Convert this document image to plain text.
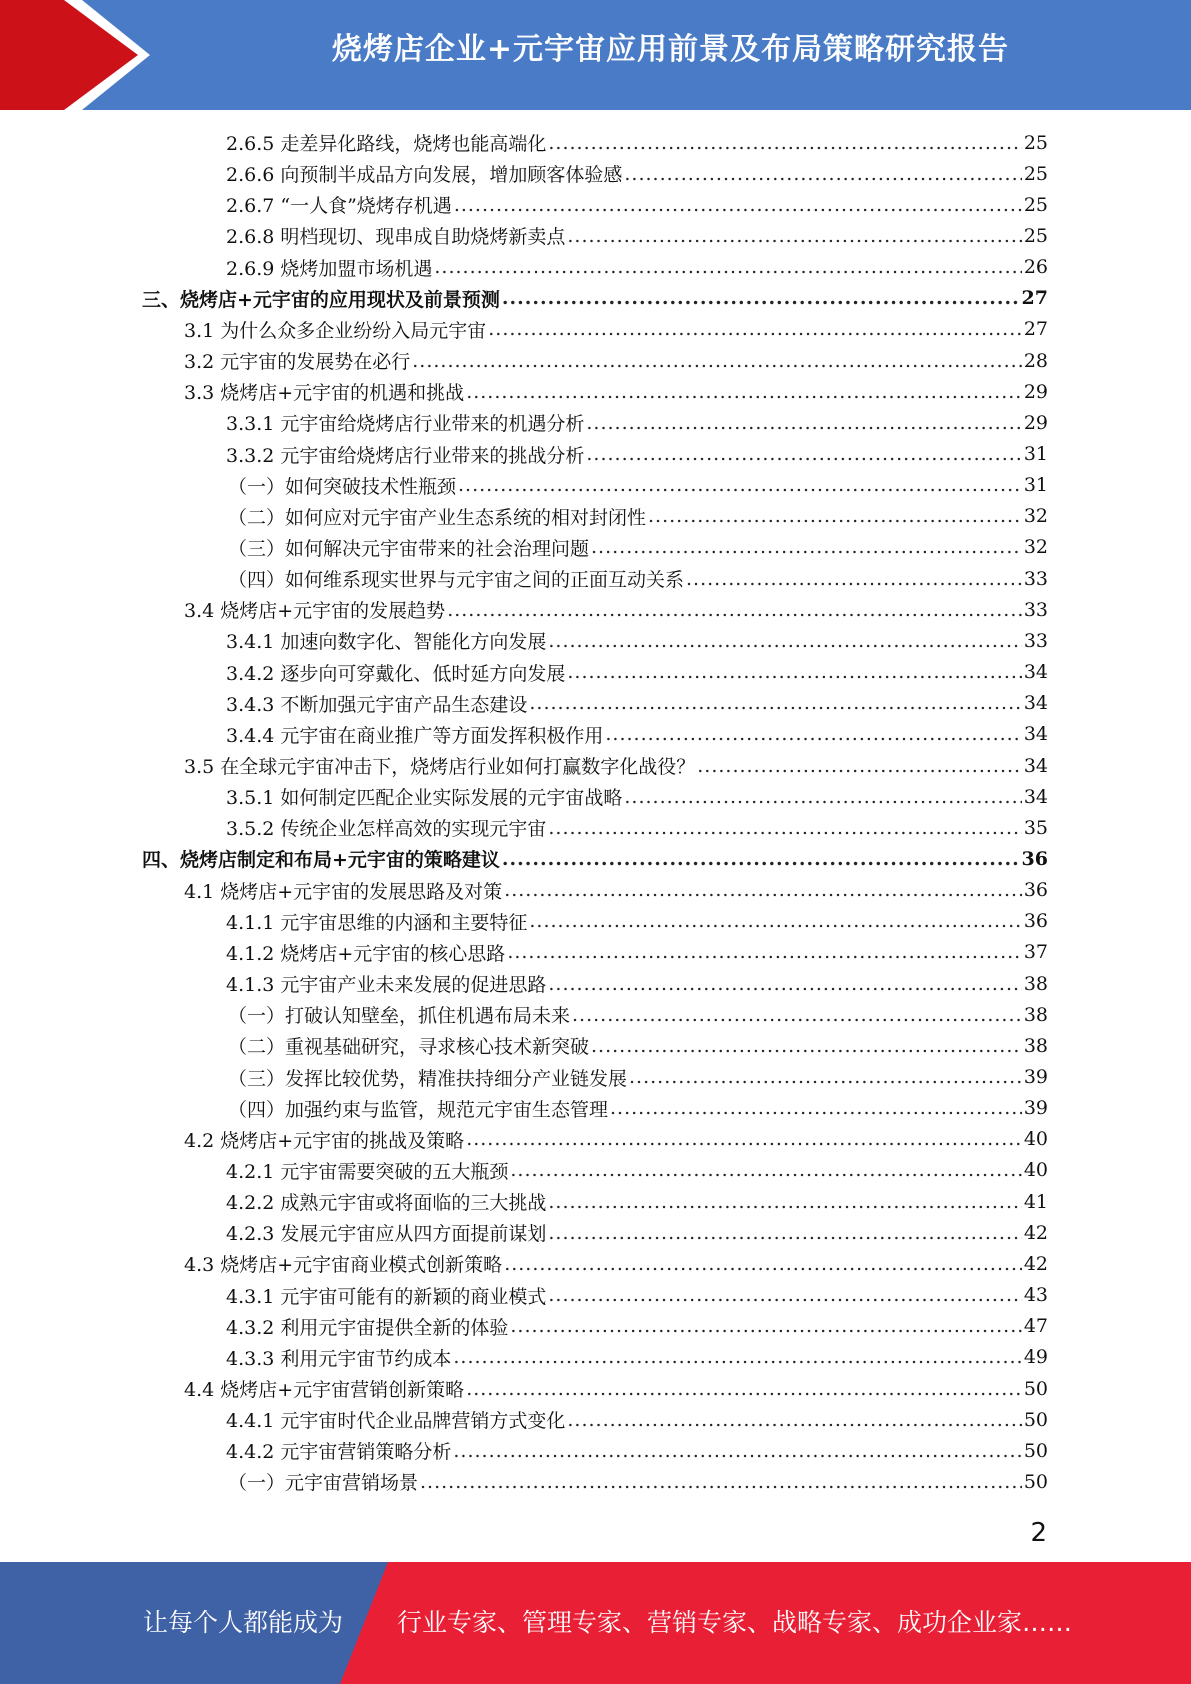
烧烤店企业+元宇宙应用前景及布局策略研究报告
2.6.5 走差异化路线，烧烤也能高端化 .....	25
2.6.6 向预制半成品方向发展，增加顾客体验感 .....	25
2.6.7 “一人食”烧烤存机遇 .....	25
2.6.8 明档现切、现串成自助烧烤新卖点 .....	25
2.6.9 烧烤加盟市场机遇 .....	26
三、烧烤店+元宇宙的应用现状及前景预测 .....	27
3.1 为什么众多企业纷纷入局元宇宙 .....	27
3.2 元宇宙的发展势在必行 .....	28
3.3 烧烤店+元宇宙的机遇和挑战 .....	29
3.3.1 元宇宙给烧烤店行业带来的机遇分析 .....	29
3.3.2 元宇宙给烧烤店行业带来的挑战分析 .....	31
（一）如何突破技术性瓶颈 .....	31
（二）如何应对元宇宙产业生态系统的相对封闭性 .....	32
（三）如何解决元宇宙带来的社会治理问题 .....	32
（四）如何维系现实世界与元宇宙之间的正面互动关系 .....	33
3.4 烧烤店+元宇宙的发展趋势 .....	33
3.4.1 加速向数字化、智能化方向发展 .....	33
3.4.2 逐步向可穿戴化、低时延方向发展 .....	34
3.4.3 不断加强元宇宙产品生态建设 .....	34
3.4.4 元宇宙在商业推广等方面发挥积极作用 .....	34
3.5 在全球元宇宙冲击下，烧烤店行业如何打赢数字化战役？ .....	34
3.5.1 如何制定匹配企业实际发展的元宇宙战略 .....	34
3.5.2 传统企业怎样高效的实现元宇宙 .....	35
四、烧烤店制定和布局+元宇宙的策略建议 .....	36
4.1 烧烤店+元宇宙的发展思路及对策 .....	36
4.1.1 元宇宙思维的内涵和主要特征 .....	36
4.1.2 烧烤店+元宇宙的核心思路 .....	37
4.1.3 元宇宙产业未来发展的促进思路 .....	38
（一）打破认知壁垒，抓住机遇布局未来 .....	38
（二）重视基础研究，寻求核心技术新突破 .....	38
（三）发挥比较优势，精准扶持细分产业链发展 .....	39
（四）加强约束与监管，规范元宇宙生态管理 .....	39
4.2 烧烤店+元宇宙的挑战及策略 .....	40
4.2.1 元宇宙需要突破的五大瓶颈 .....	40
4.2.2 成熟元宇宙或将面临的三大挑战 .....	41
4.2.3 发展元宇宙应从四方面提前谋划 .....	42
4.3 烧烤店+元宇宙商业模式创新策略 .....	42
4.3.1 元宇宙可能有的新颖的商业模式 .....	43
4.3.2 利用元宇宙提供全新的体验 .....	47
4.3.3 利用元宇宙节约成本 .....	49
4.4 烧烤店+元宇宙营销创新策略 .....	50
4.4.1 元宇宙时代企业品牌营销方式变化 .....	50
4.4.2 元宇宙营销策略分析 .....	50
（一）元宇宙营销场景 .....	50
2
让每个人都能成为 行业专家、管理专家、营销专家、战略专家、成功企业家……
